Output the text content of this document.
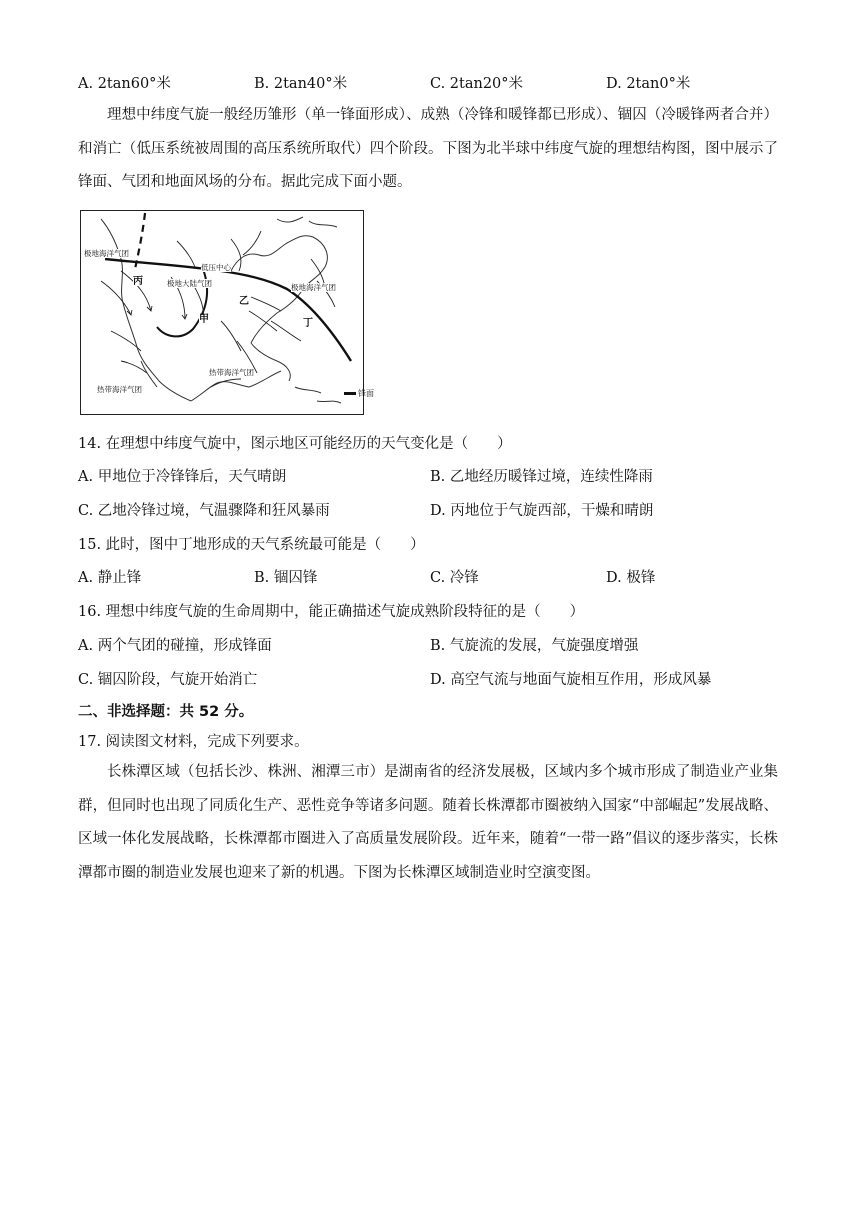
A. 2tan60°米	B. 2tan40°米	C. 2tan20°米	D. 2tan0°米

理想中纬度气旋一般经历雏形（单一锋面形成）、成熟（冷锋和暖锋都已形成）、锢囚（冷暖锋两者合并）和消亡（低压系统被周围的高压系统所取代）四个阶段。下图为北半球中纬度气旋的理想结构图，图中展示了锋面、气团和地面风场的分布。据此完成下面小题。

极地海洋气团
极地大陆气团
低压中心
极地海洋气团
热带海洋气团
热带海洋气团
甲
丙
乙
丁
锋面
14. 在理想中纬度气旋中，图示地区可能经历的天气变化是（　　）
A. 甲地位于冷锋锋后，天气晴朗	B. 乙地经历暖锋过境，连续性降雨
C. 乙地冷锋过境，气温骤降和狂风暴雨	D. 丙地位于气旋西部，干燥和晴朗
15. 此时，图中丁地形成的天气系统最可能是（　　）
A. 静止锋	B. 锢囚锋	C. 冷锋	D. 极锋
16. 理想中纬度气旋的生命周期中，能正确描述气旋成熟阶段特征的是（　　）
A. 两个气团的碰撞，形成锋面	B. 气旋流的发展，气旋强度增强
C. 锢囚阶段，气旋开始消亡	D. 高空气流与地面气旋相互作用，形成风暴
二、非选择题：共 52 分。
17. 阅读图文材料，完成下列要求。

长株潭区域（包括长沙、株洲、湘潭三市）是湖南省的经济发展极，区域内多个城市形成了制造业产业集群，但同时也出现了同质化生产、恶性竞争等诸多问题。随着长株潭都市圈被纳入国家“中部崛起”发展战略、区域一体化发展战略，长株潭都市圈进入了高质量发展阶段。近年来，随着“一带一路”倡议的逐步落实，长株潭都市圈的制造业发展也迎来了新的机遇。下图为长株潭区域制造业时空演变图。
